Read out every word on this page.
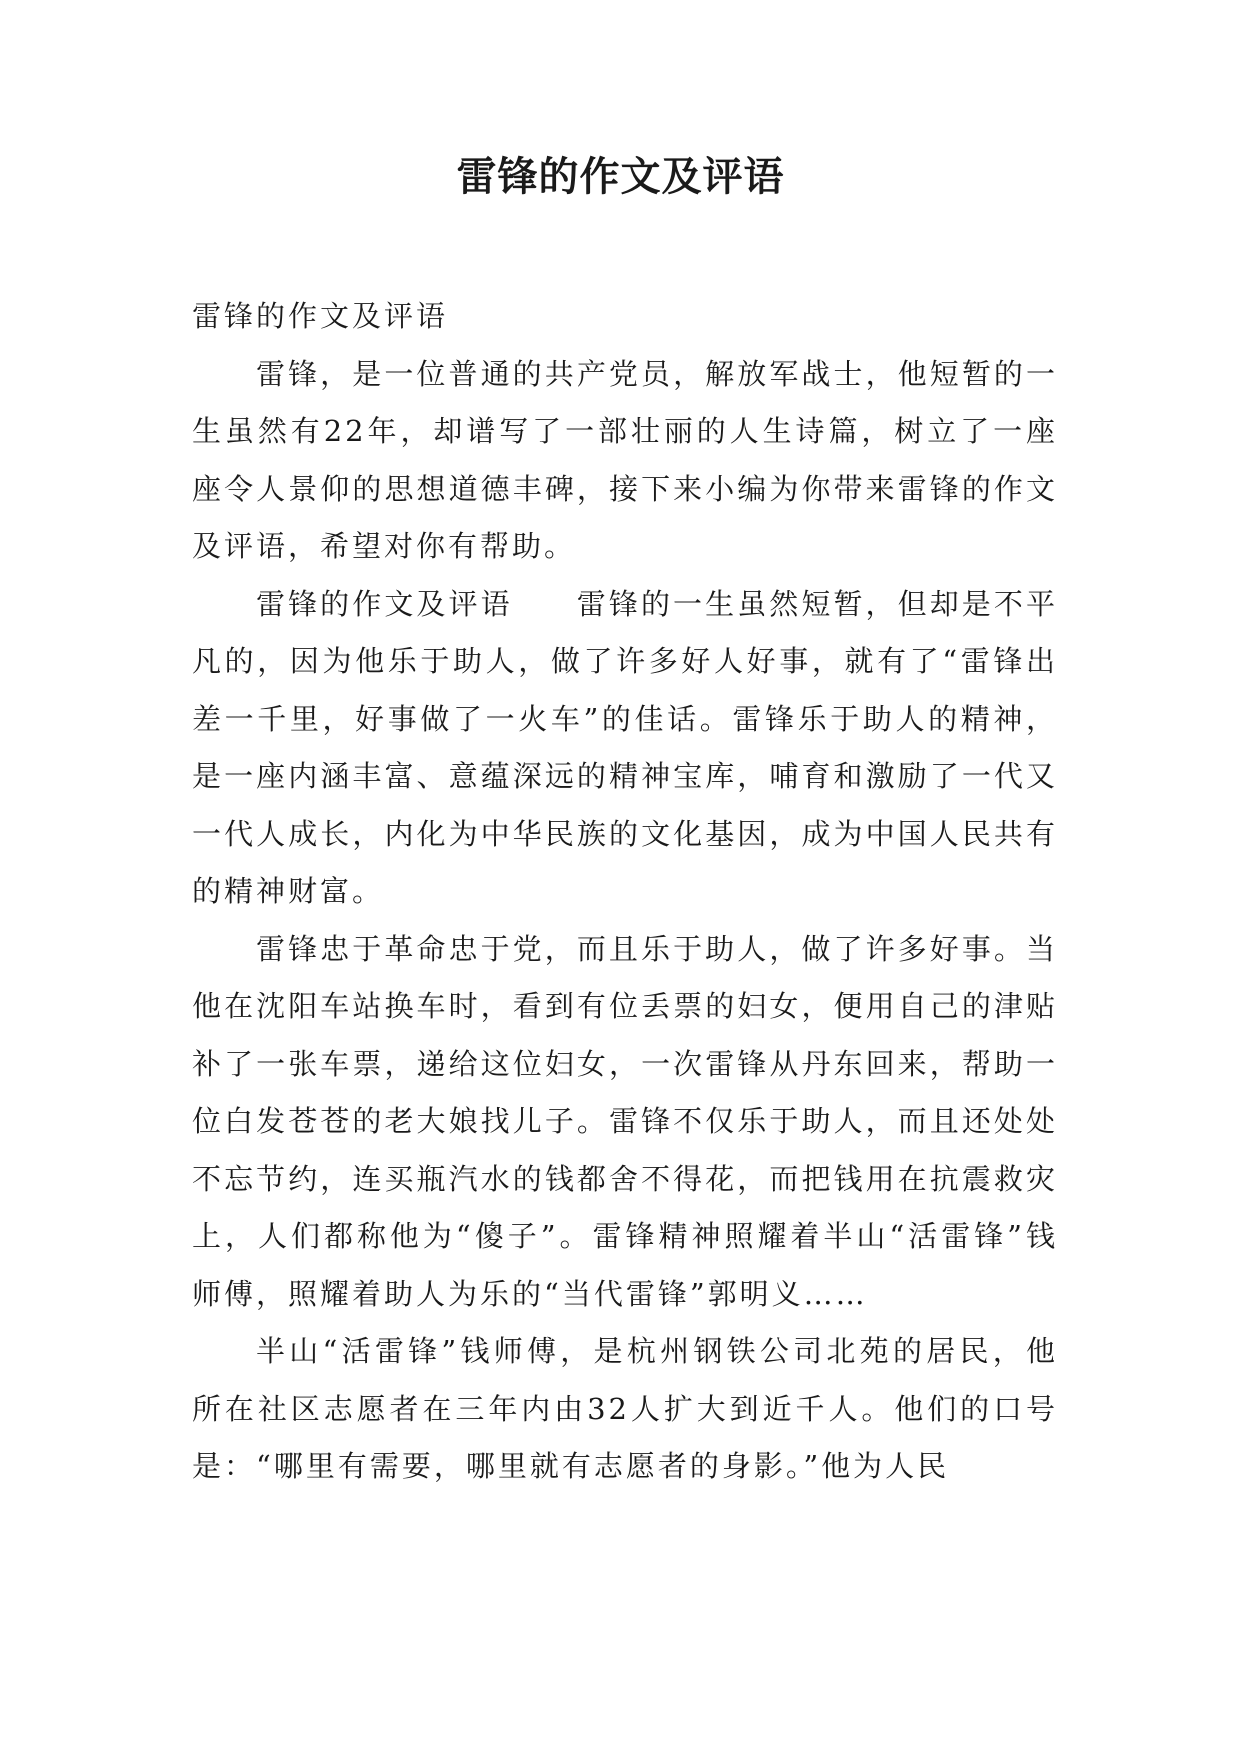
雷锋的作文及评语
雷锋的作文及评语

雷锋，是一位普通的共产党员，解放军战士，他短暂的一生虽然有22年，却谱写了一部壮丽的人生诗篇，树立了一座座令人景仰的思想道德丰碑，接下来小编为你带来雷锋的作文及评语，希望对你有帮助。

雷锋的作文及评语 雷锋的一生虽然短暂，但却是不平凡的，因为他乐于助人，做了许多好人好事，就有了“雷锋出差一千里，好事做了一火车”的佳话。雷锋乐于助人的精神，是一座内涵丰富、意蕴深远的精神宝库，哺育和激励了一代又一代人成长，内化为中华民族的文化基因，成为中国人民共有的精神财富。

雷锋忠于革命忠于党，而且乐于助人，做了许多好事。当他在沈阳车站换车时，看到有位丢票的妇女，便用自己的津贴补了一张车票，递给这位妇女，一次雷锋从丹东回来，帮助一位白发苍苍的老大娘找儿子。雷锋不仅乐于助人，而且还处处不忘节约，连买瓶汽水的钱都舍不得花，而把钱用在抗震救灾上，人们都称他为“傻子”。雷锋精神照耀着半山“活雷锋”钱师傅，照耀着助人为乐的“当代雷锋”郭明义……

半山“活雷锋”钱师傅，是杭州钢铁公司北苑的居民，他所在社区志愿者在三年内由32人扩大到近千人。他们的口号是：“哪里有需要，哪里就有志愿者的身影。”他为人民
